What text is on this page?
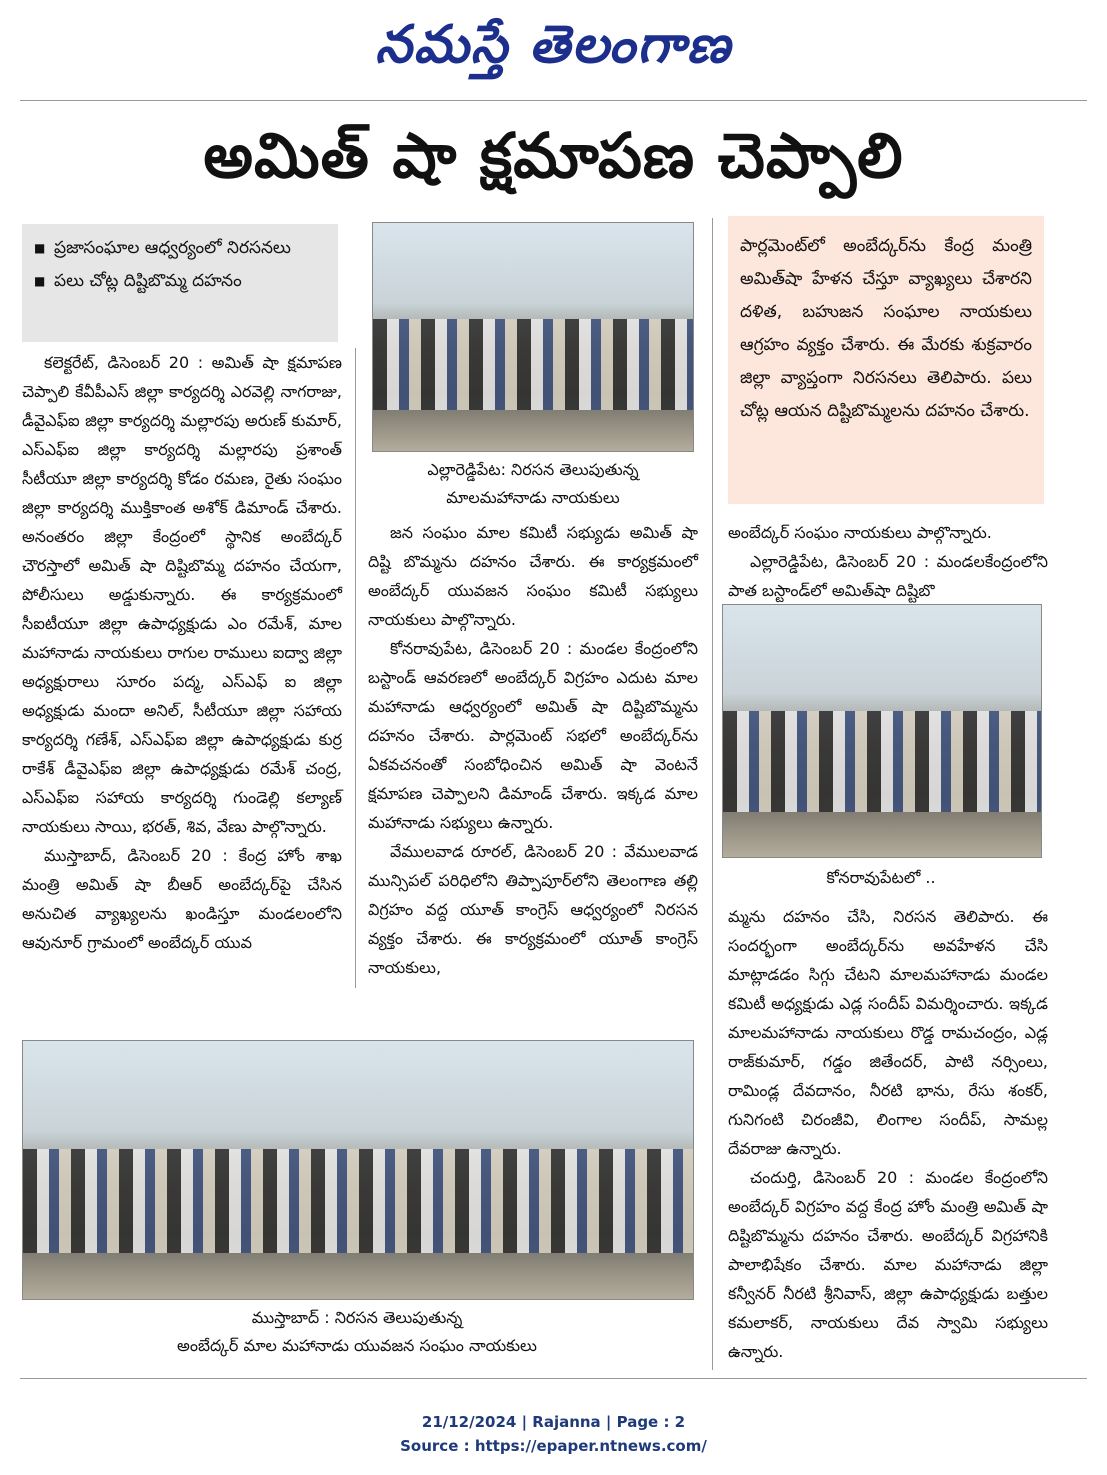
నమస్తే తెలంగాణ
అమిత్ షా క్షమాపణ చెప్పాలి
■ ప్రజాసంఘాల ఆధ్వర్యంలో నిరసనలు
■ పలు చోట్ల దిష్టిబొమ్మ దహనం
ఎల్లారెడ్డిపేట: నిరసన తెలుపుతున్న
మాలమహానాడు నాయకులు
పార్లమెంట్‌లో అంబేద్కర్‌ను కేంద్ర మంత్రి అమిత్‌షా హేళన చేస్తూ వ్యాఖ్యలు చేశారని దళిత, బహుజన సంఘాల నాయకులు ఆగ్రహం వ్యక్తం చేశారు. ఈ మేరకు శుక్రవారం జిల్లా వ్యాప్తంగా నిరసనలు తెలిపారు. పలు చోట్ల ఆయన దిష్టిబొమ్మలను దహనం చేశారు.

కలెక్టరేట్, డిసెంబర్ 20 : అమిత్ షా క్షమాపణ చెప్పాలి కేవీపీఎస్ జిల్లా కార్యదర్శి ఎరవెల్లి నాగరాజు, డీవైఎఫ్ఐ జిల్లా కార్యదర్శి మల్లారపు అరుణ్ కుమార్, ఎస్ఎఫ్ఐ జిల్లా కార్యదర్శి మల్లారపు ప్రశాంత్ సీటీయూ జిల్లా కార్యదర్శి కోడం రమణ, రైతు సంఘం జిల్లా కార్యదర్శి ముక్తికాంత అశోక్ డిమాండ్ చేశారు. అనంతరం జిల్లా కేంద్రంలో స్థానిక అంబేద్కర్ చౌరస్తాలో అమిత్ షా దిష్టిబొమ్మ దహనం చేయగా, పోలీసులు అడ్డుకున్నారు. ఈ కార్యక్రమంలో సీఐటీయూ జిల్లా ఉపాధ్యక్షుడు ఎం రమేశ్, మాల మహానాడు నాయకులు రాగుల రాములు ఐద్వా జిల్లా అధ్యక్షురాలు సూరం పద్మ, ఎస్ఎఫ్ ఐ జిల్లా అధ్యక్షుడు మందా అనిల్, సీటీయూ జిల్లా సహాయ కార్యదర్శి గణేశ్, ఎస్ఎఫ్ఐ జిల్లా ఉపాధ్యక్షుడు కుర్ర రాకేశ్ డీవైఎఫ్ఐ జిల్లా ఉపాధ్యక్షుడు రమేశ్ చంద్ర, ఎస్ఎఫ్ఐ సహాయ కార్యదర్శి గుండెల్లి కల్యాణ్ నాయకులు సాయి, భరత్, శివ, వేణు పాల్గొన్నారు.

ముస్తాబాద్, డిసెంబర్ 20 : కేంద్ర హోం శాఖ మంత్రి అమిత్ షా బీఆర్ అంబేద్కర్‌పై చేసిన అనుచిత వ్యాఖ్యలను ఖండిస్తూ మండలంలోని ఆవునూర్ గ్రామంలో అంబేద్కర్ యువ

జన సంఘం మాల కమిటీ సభ్యుడు అమిత్ షా దిష్టి బొమ్మను దహనం చేశారు. ఈ కార్యక్రమంలో అంబేద్కర్ యువజన సంఘం కమిటీ సభ్యులు నాయకులు పాల్గొన్నారు.

కోనరావుపేట, డిసెంబర్ 20 : మండల కేంద్రంలోని బస్టాండ్ ఆవరణలో అంబేద్కర్ విగ్రహం ఎదుట మాల మహానాడు ఆధ్వర్యంలో అమిత్ షా దిష్టిబొమ్మను దహనం చేశారు. పార్లమెంట్ సభలో అంబేద్కర్‌ను ఏకవచనంతో సంబోధించిన అమిత్ షా వెంటనే క్షమాపణ చెప్పాలని డిమాండ్ చేశారు. ఇక్కడ మాల మహానాడు సభ్యులు ఉన్నారు.

వేములవాడ రూరల్, డిసెంబర్ 20 : వేములవాడ మున్సిపల్ పరిధిలోని తిప్పాపూర్‌లోని తెలంగాణ తల్లి విగ్రహం వద్ద యూత్ కాంగ్రెస్ ఆధ్వర్యంలో నిరసన వ్యక్తం చేశారు. ఈ కార్యక్రమంలో యూత్ కాంగ్రెస్ నాయకులు,

అంబేద్కర్ సంఘం నాయకులు పాల్గొన్నారు.

ఎల్లారెడ్డిపేట, డిసెంబర్ 20 : మండలకేంద్రంలోని పాత బస్టాండ్‌లో అమిత్‌షా దిష్టిబొ

కోనరావుపేటలో ..

మ్మను దహనం చేసి, నిరసన తెలిపారు. ఈ సందర్భంగా అంబేద్కర్‌ను అవహేళన చేసి మాట్లాడడం సిగ్గు చేటని మాలమహానాడు మండల కమిటీ అధ్యక్షుడు ఎడ్ల సందీప్ విమర్శించారు. ఇక్కడ మాలమహానాడు నాయకులు రొడ్డ రామచంద్రం, ఎడ్ల రాజ్‌కుమార్, గడ్డం జితేందర్, పాటి నర్సింలు, రామిండ్ల దేవదానం, నీరటి భాను, రేసు శంకర్, గునిగంటి చిరంజీవి, లింగాల సందీప్, సామల్ల దేవరాజు ఉన్నారు.

చందుర్తి, డిసెంబర్ 20 : మండల కేంద్రంలోని అంబేద్కర్ విగ్రహం వద్ద కేంద్ర హోం మంత్రి అమిత్ షా దిష్టిబొమ్మను దహనం చేశారు. అంబేద్కర్ విగ్రహానికి పాలాభిషేకం చేశారు. మాల మహానాడు జిల్లా కన్వీనర్ నీరటి శ్రీనివాస్, జిల్లా ఉపాధ్యక్షుడు బత్తుల కమలాకర్, నాయకులు దేవ స్వామి సభ్యులు ఉన్నారు.

ముస్తాబాద్ : నిరసన తెలుపుతున్న
అంబేద్కర్ మాల మహానాడు యువజన సంఘం నాయకులు
21/12/2024 | Rajanna | Page : 2
Source : https://epaper.ntnews.com/
